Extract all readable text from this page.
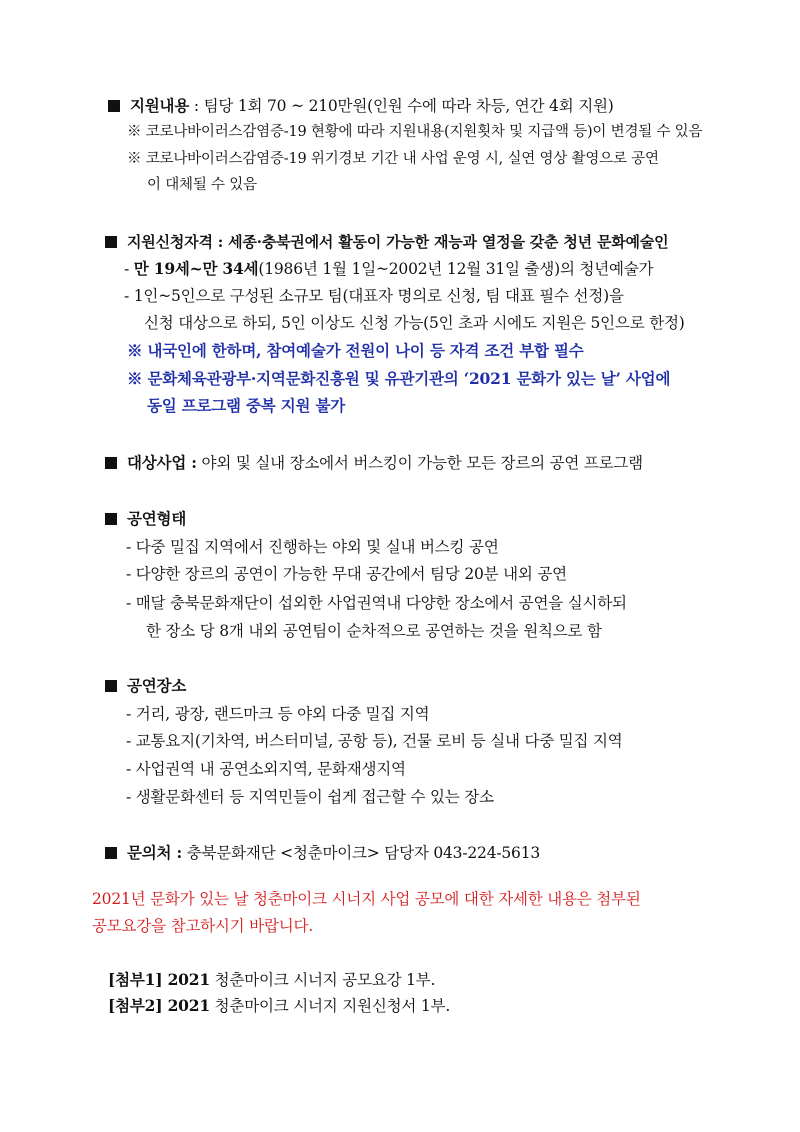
지원내용 : 팀당 1회 70 ~ 210만원(인원 수에 따라 차등, 연간 4회 지원)
※ 코로나바이러스감염증-19 현황에 따라 지원내용(지원횟차 및 지급액 등)이 변경될 수 있음
※ 코로나바이러스감염증-19 위기경보 기간 내 사업 운영 시, 실연 영상 촬영으로 공연
이 대체될 수 있음
지원신청자격 : 세종·충북권에서 활동이 가능한 재능과 열정을 갖춘 청년 문화예술인
- 만 19세~만 34세(1986년 1월 1일~2002년 12월 31일 출생)의 청년예술가
- 1인~5인으로 구성된 소규모 팀(대표자 명의로 신청, 팀 대표 필수 선정)을
신청 대상으로 하되, 5인 이상도 신청 가능(5인 초과 시에도 지원은 5인으로 한정)
※ 내국인에 한하며, 참여예술가 전원이 나이 등 자격 조건 부합 필수
※ 문화체육관광부·지역문화진흥원 및 유관기관의 ‘2021 문화가 있는 날’ 사업에
동일 프로그램 중복 지원 불가
대상사업 : 야외 및 실내 장소에서 버스킹이 가능한 모든 장르의 공연 프로그램
공연형태
- 다중 밀집 지역에서 진행하는 야외 및 실내 버스킹 공연
- 다양한 장르의 공연이 가능한 무대 공간에서 팀당 20분 내외 공연
- 매달 충북문화재단이 섭외한 사업권역내 다양한 장소에서 공연을 실시하되
한 장소 당 8개 내외 공연팀이 순차적으로 공연하는 것을 원칙으로 함
공연장소
- 거리, 광장, 랜드마크 등 야외 다중 밀집 지역
- 교통요지(기차역, 버스터미널, 공항 등), 건물 로비 등 실내 다중 밀집 지역
- 사업권역 내 공연소외지역, 문화재생지역
- 생활문화센터 등 지역민들이 쉽게 접근할 수 있는 장소
문의처 : 충북문화재단 <청춘마이크> 담당자 043-224-5613
2021년 문화가 있는 날 청춘마이크 시너지 사업 공모에 대한 자세한 내용은 첨부된
공모요강을 참고하시기 바랍니다.
[첨부1] 2021 청춘마이크 시너지 공모요강 1부.
[첨부2] 2021 청춘마이크 시너지 지원신청서 1부.
